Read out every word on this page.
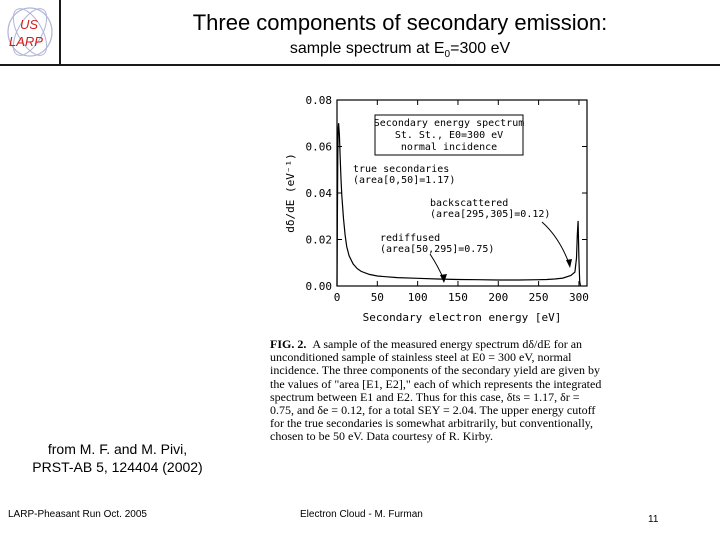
US
LARP
Three components of secondary emission:
sample spectrum at $E_0=300$ eV
0	50 100 150 200 250 300
0.00
0.02
0.04
0.06
0.08
Secondary energy spectrum
St. St., E0=300 eV
normal incidence
true secondaries
(area[0,50]=1.17)
backscattered
(area[295,305]=0.12)
rediffused
(area[50,295]=0.75)
Secondary electron energy [eV]
dδ/dE (eV⁻¹)

FIG. 2. A sample of the measured energy spectrum dδ/dE for an unconditioned sample of stainless steel at E0 = 300 eV, normal incidence. The three components of the secondary yield are given by the values of "area [E1, E2]," each of which represents the integrated spectrum between E1 and E2. Thus for this case, δts = 1.17, δr = 0.75, and δe = 0.12, for a total SEY = 2.04. The upper energy cutoff for the true secondaries is somewhat arbitrarily, but conventionally, chosen to be 50 eV. Data courtesy of R. Kirby.

from M. F. and M. Pivi,
PRST-AB 5, 124404 (2002)
LARP-Pheasant Run Oct. 2005	Electron Cloud - M. Furman	11
